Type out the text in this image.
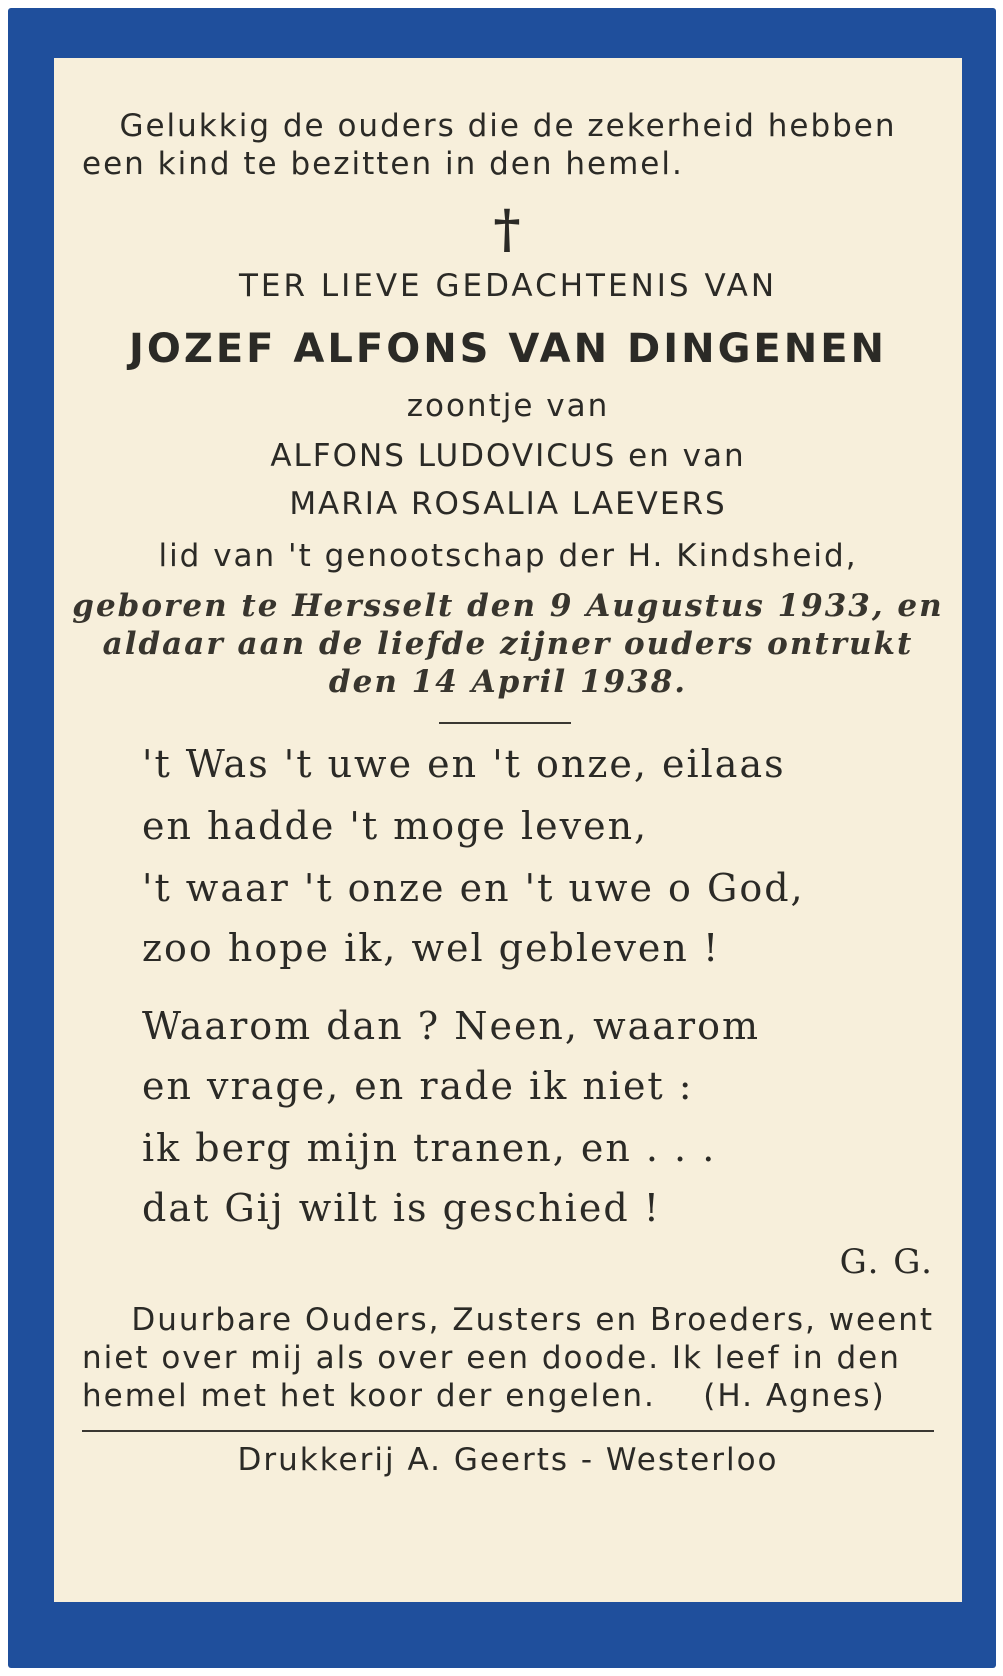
Gelukkig de ouders die de zekerheid hebben
een kind te bezitten in den hemel.
†
TER LIEVE GEDACHTENIS VAN
JOZEF ALFONS VAN DINGENEN
zoontje van
ALFONS LUDOVICUS en van
MARIA ROSALIA LAEVERS
lid van 't genootschap der H. Kindsheid,
geboren te Hersselt den 9 Augustus 1933, en
aldaar aan de liefde zijner ouders ontrukt
den 14 April 1938.
't Was 't uwe en 't onze, eilaas
en hadde 't moge leven,
't waar 't onze en 't uwe o God,
zoo hope ik, wel gebleven !
Waarom dan ? Neen, waarom
en vrage, en rade ik niet :
ik berg mijn tranen, en . . .
dat Gij wilt is geschied !
G. G.
Duurbare Ouders, Zusters en Broeders, weent
niet over mij als over een doode. Ik leef in den
hemel met het koor der engelen.    (H. Agnes)
Drukkerij A. Geerts - Westerloo
